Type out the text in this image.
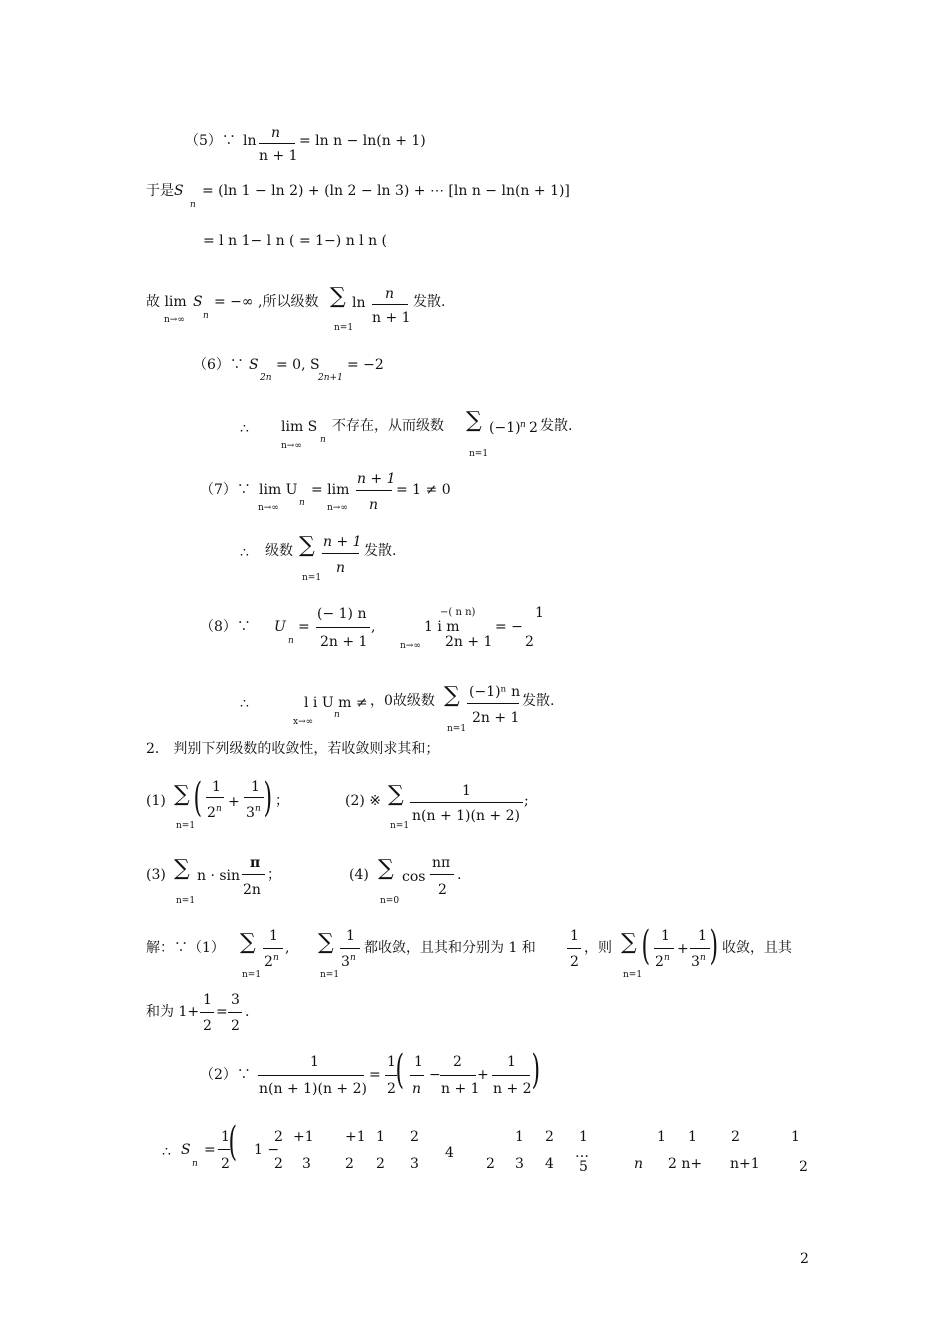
（5）∵ ln n
n + 1
= ln n − ln(n + 1)
于是 S
n
= (ln 1 − ln 2) + (ln 2 − ln 3) + ⋯ [ln n − ln(n + 1)]
= l n 1− l n ( = 1−) n l n (
故 lim
n→∞
S
n
= −∞ ,所以级数 ∑
n=1
ln
n
n + 1
发散.
（6）∵ S
2n
= 0, S
2n+1
= −2
∴ lim S
n→∞
n
不存在，从而级数 ∑
n=1
(−1) n 2 发散.
（7）∵ lim U
n→∞ n
= lim
n→∞
n + 1
n
= 1 ≠ 0
∴ 级数 ∑
n=1
n + 1
n
发散.
（8）∵ U
n
=
(− 1) n
2n + 1
,
−( n n)
1 i m
n→∞ 2n + 1
= −
1
2
∴	l i U m ≠
x→∞
n
，0故级数 ∑
n=1
(−1)ⁿ n
2n + 1
发散.
2． 判别下列级数的收敛性，若收敛则求其和；
(1) ∑
n=1
( 1
2 n +
1
3 n ) ；	(2) ※ ∑
n=1
1
n(n + 1)(n + 2)
;
(3) ∑
n=1
n · sin
π
2n
；	(4) ∑
n=0
cos
nπ
2
.
解：∵（1） ∑
n=1
1
2 n
, ∑
n=1
1
3 n
都收敛，且其和分别为 1 和
1
2
，则 ∑
n=1
( 1
2 n
+
1
3 n ) 收敛，且其
和为 1+
1
2
=
3
2
.
（2）∵
1
n(n + 1)(n + 2)
=
1
2 ( 1
n
−
2
n + 1
+
1
n + 2 )
∴ S
n
=
1
2
( 1 −
2
2
+1
3
+1
2
1
2
2
3
4
2
1
3
2
4
1
…
5	n
1 1
2 n+
2
n+1
1
2
2
